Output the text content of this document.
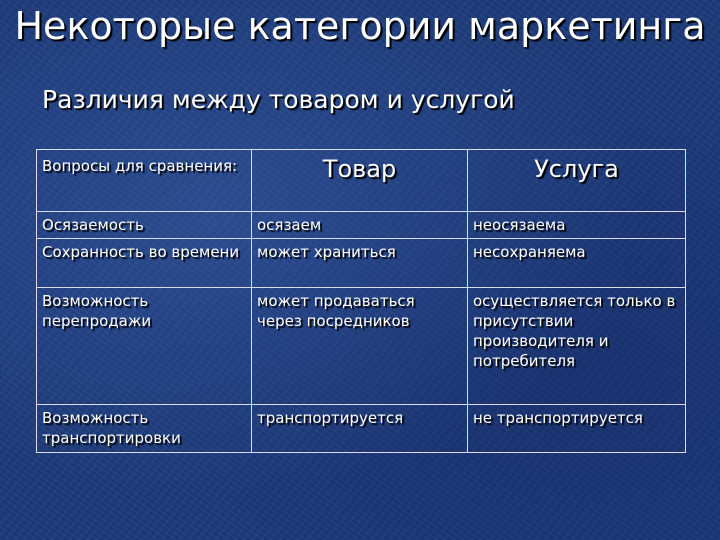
Некоторые категории маркетинга
Различия между товаром и услугой
Вопросы для сравнения:	Товар	Услуга
Осязаемость	осязаем	неосязаема
Сохранность во времени	может храниться	несохраняема
Возможность перепродажи	может продаваться через посредников	осуществляется только в присутствии производителя и потребителя
Возможность транспортировки	транспортируется	не транспортируется
